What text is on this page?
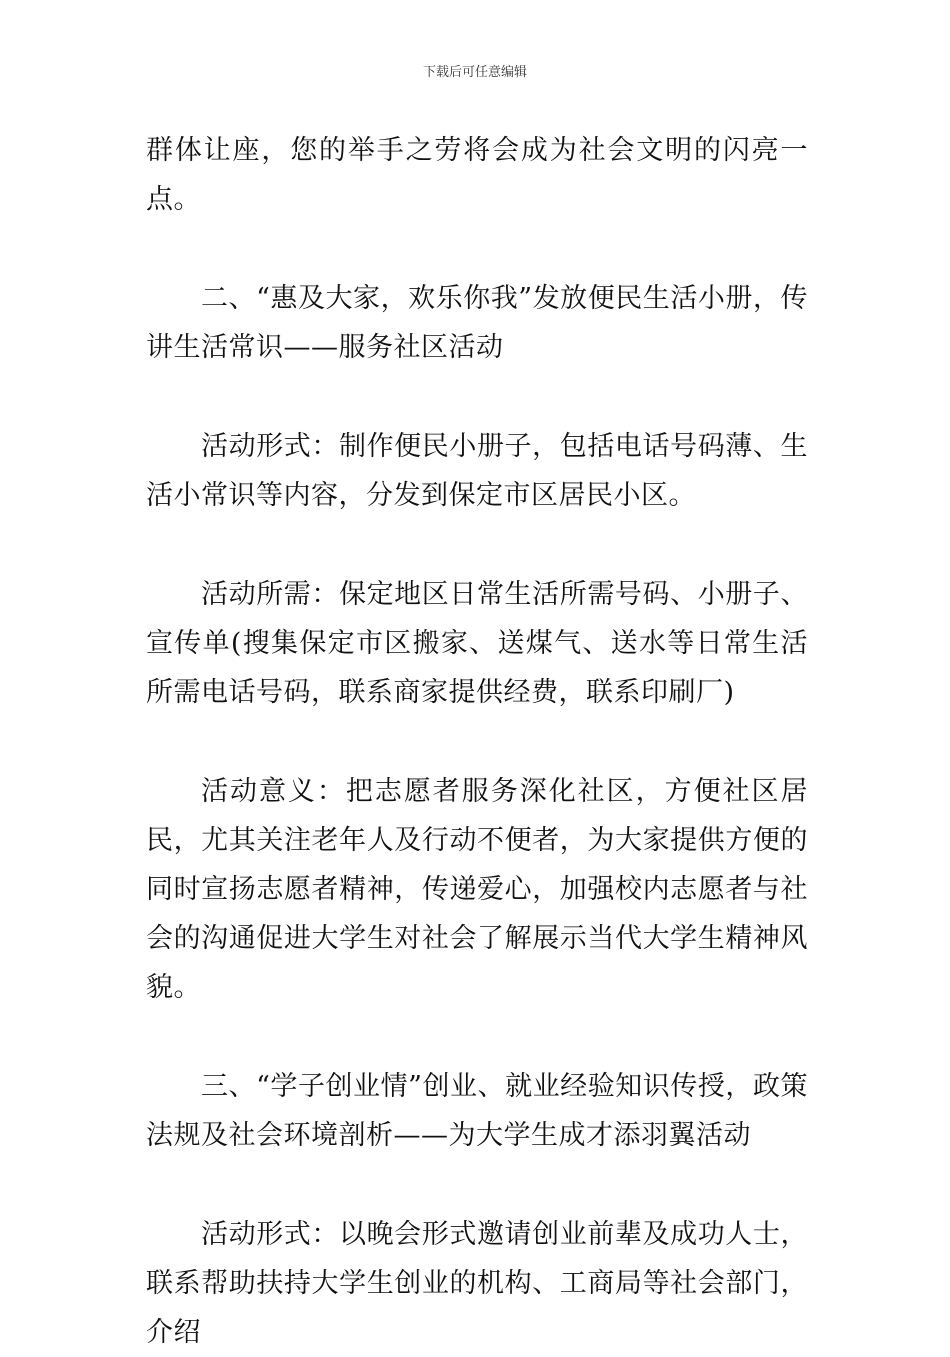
下载后可任意编辑

群体让座，您的举手之劳将会成为社会文明的闪亮一点。

二、“惠及大家，欢乐你我”发放便民生活小册，传讲生活常识——服务社区活动

活动形式：制作便民小册子，包括电话号码薄、生活小常识等内容，分发到保定市区居民小区。

活动所需：保定地区日常生活所需号码、小册子、宣传单(搜集保定市区搬家、送煤气、送水等日常生活所需电话号码，联系商家提供经费，联系印刷厂)

活动意义：把志愿者服务深化社区，方便社区居民，尤其关注老年人及行动不便者，为大家提供方便的同时宣扬志愿者精神，传递爱心，加强校内志愿者与社会的沟通促进大学生对社会了解展示当代大学生精神风貌。

三、“学子创业情”创业、就业经验知识传授，政策法规及社会环境剖析——为大学生成才添羽翼活动

活动形式：以晚会形式邀请创业前辈及成功人士，联系帮助扶持大学生创业的机构、工商局等社会部门，介绍
